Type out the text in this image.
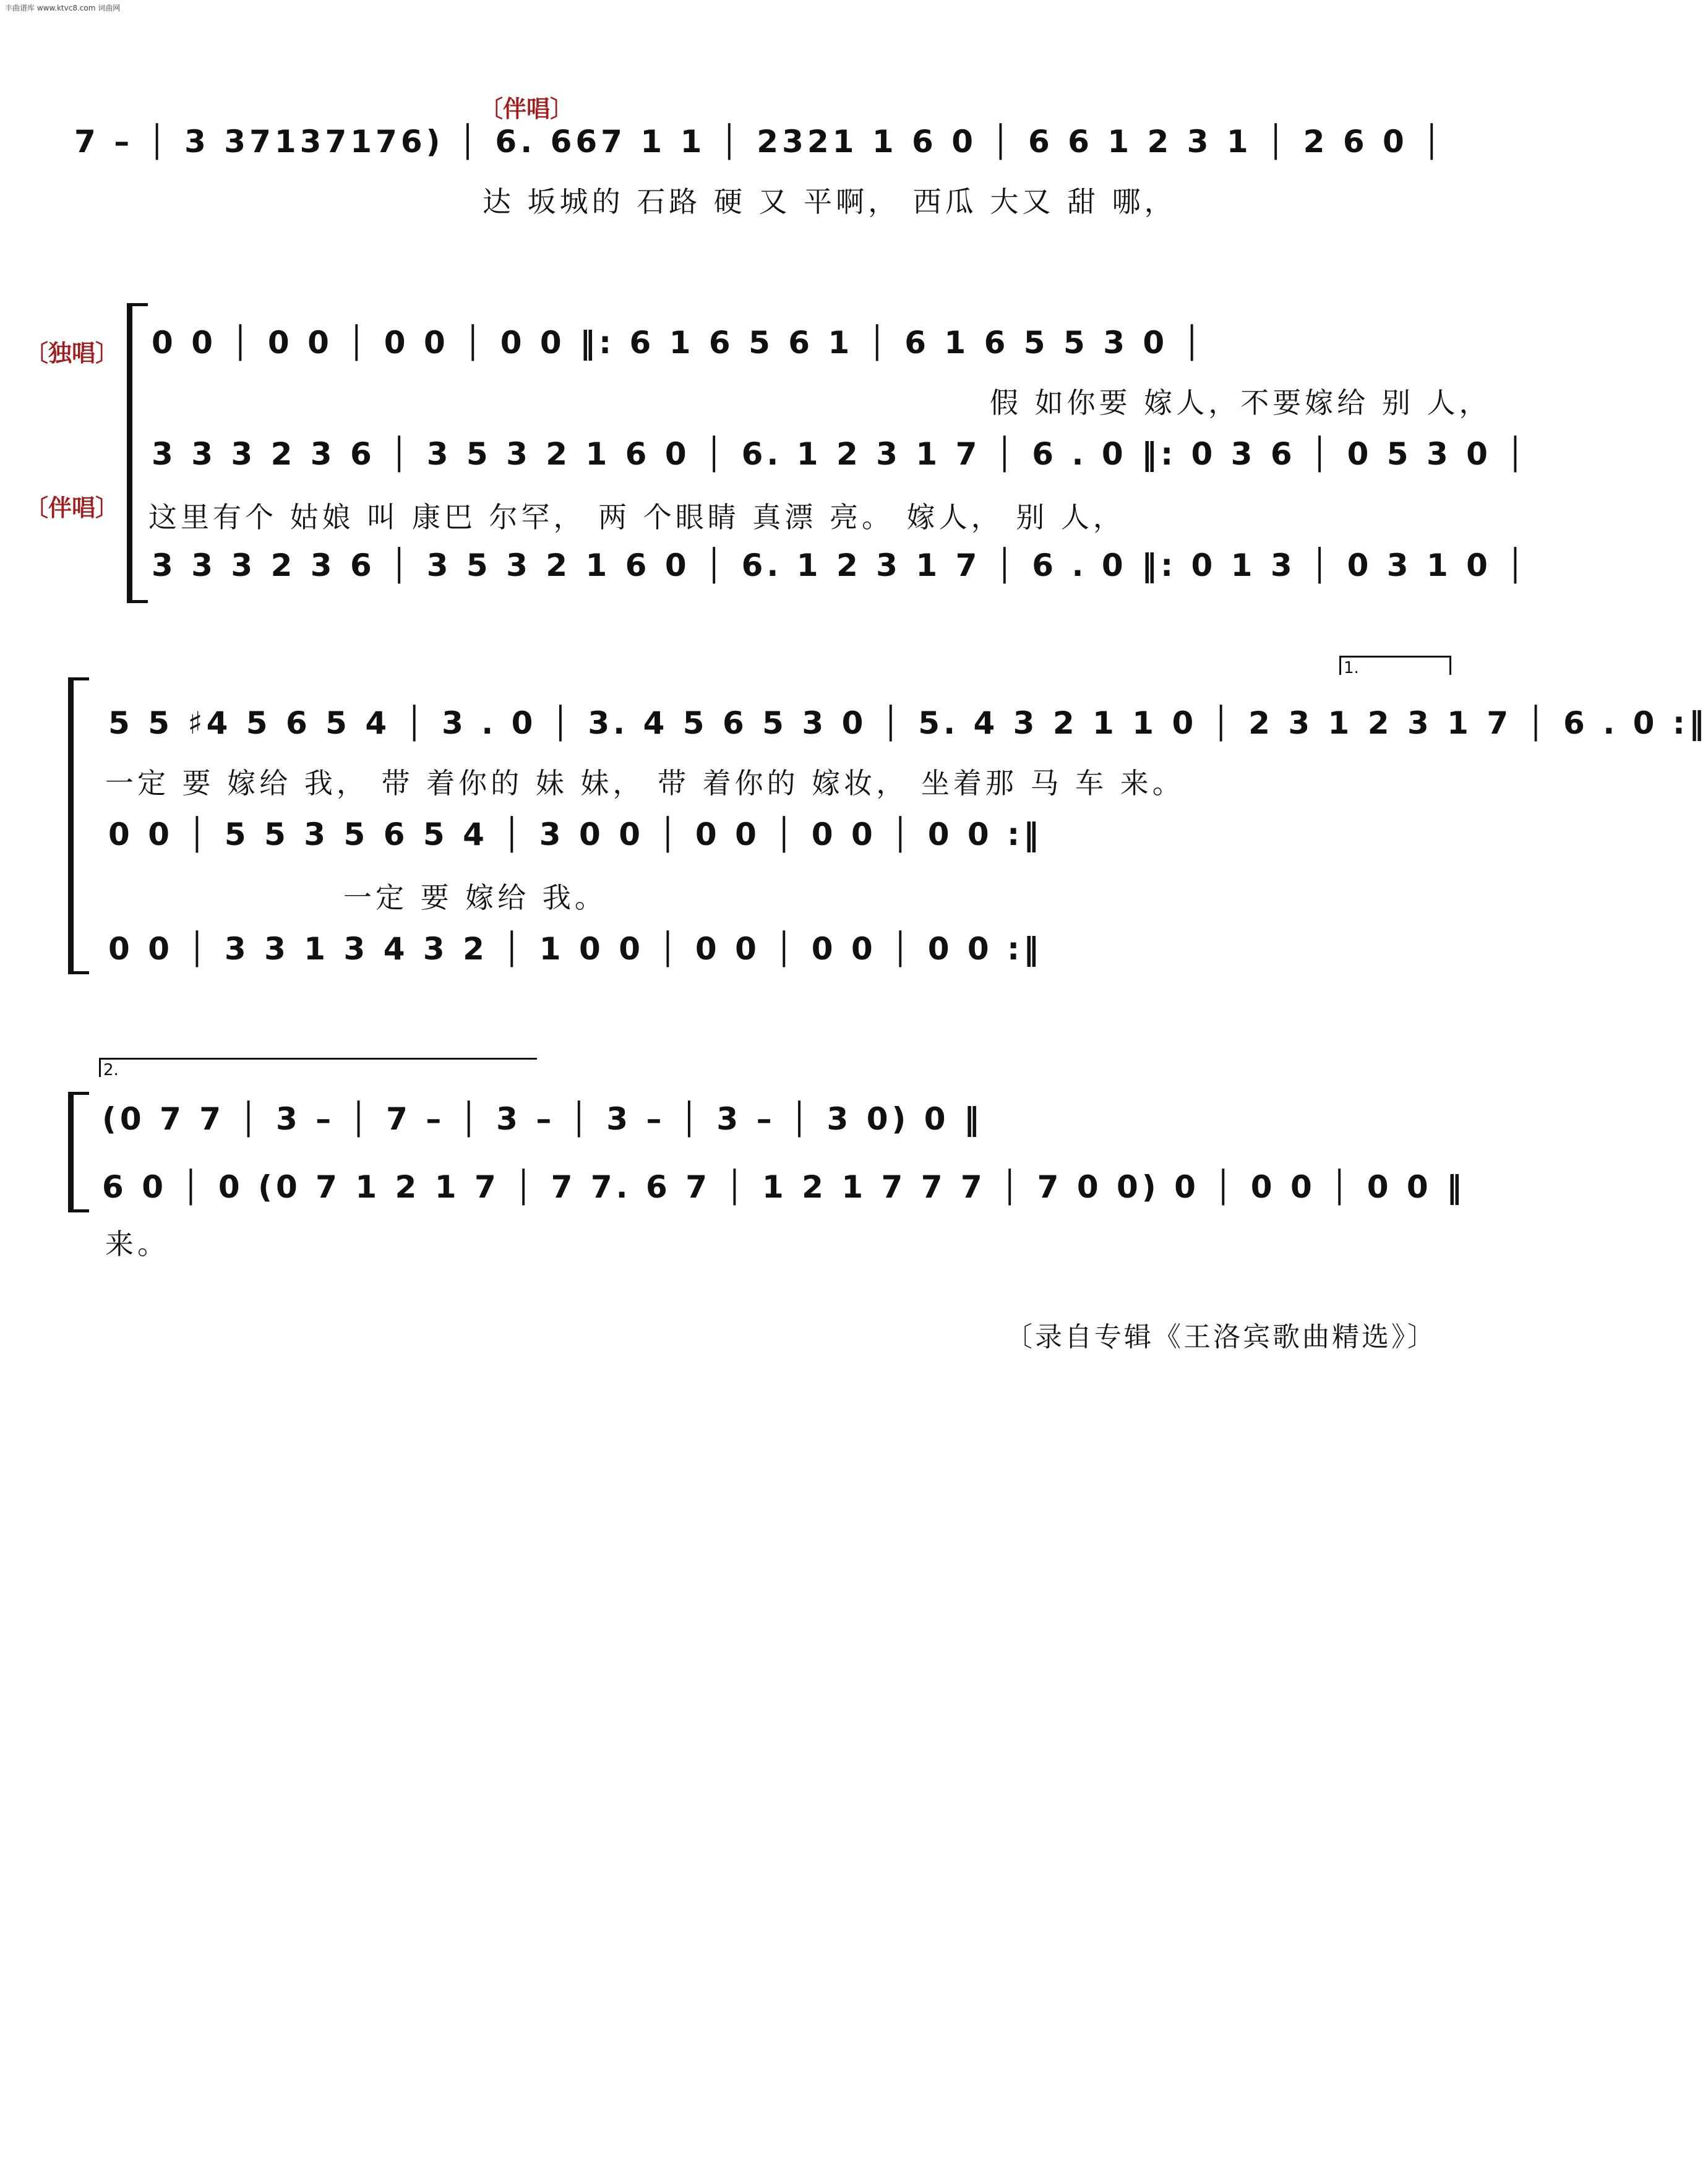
丰曲谱库 www.ktvc8.com 词曲网
〔伴唱〕
7 – │ 3 37137176) │ 6. 667 1 1 │ 2321 1 6 0 │ 6 6 1 2 3 1 │ 2 6 0 │
达 坂城的 石路 硬 又 平啊， 西瓜 大又 甜 哪，
〔独唱〕
〔伴唱〕
0 0 │ 0 0 │ 0 0 │ 0 0 ‖: 6 1 6 5 6 1 │ 6 1 6 5 5 3 0 │
假 如你要 嫁人，不要嫁给 别 人，
3 3 3 2 3 6 │ 3 5 3 2 1 6 0 │ 6. 1 2 3 1 7 │ 6 . 0 ‖: 0 3 6 │ 0 5 3 0 │
这里有个 姑娘 叫 康巴 尔罕， 两 个眼睛 真漂 亮。 嫁人， 别 人，
3 3 3 2 3 6 │ 3 5 3 2 1 6 0 │ 6. 1 2 3 1 7 │ 6 . 0 ‖: 0 1 3 │ 0 3 1 0 │
1.
5 5 ♯4 5 6 5 4 │ 3 . 0 │ 3. 4 5 6 5 3 0 │ 5. 4 3 2 1 1 0 │ 2 3 1 2 3 1 7 │ 6 . 0 :‖
一定 要 嫁给 我， 带 着你的 妹 妹， 带 着你的 嫁妆， 坐着那 马 车 来。
0 0 │ 5 5 3 5 6 5 4 │ 3 0 0 │ 0 0 │ 0 0 │ 0 0 :‖
一定 要 嫁给 我。
0 0 │ 3 3 1 3 4 3 2 │ 1 0 0 │ 0 0 │ 0 0 │ 0 0 :‖
2.
(0 7 7 │ 3 – │ 7 – │ 3 – │ 3 – │ 3 – │ 3 0) 0 ‖
6 0 │ 0 (0 7 1 2 1 7 │ 7 7. 6 7 │ 1 2 1 7 7 7 │ 7 0 0) 0 │ 0 0 │ 0 0 ‖
来。
〔录自专辑《王洛宾歌曲精选》〕
